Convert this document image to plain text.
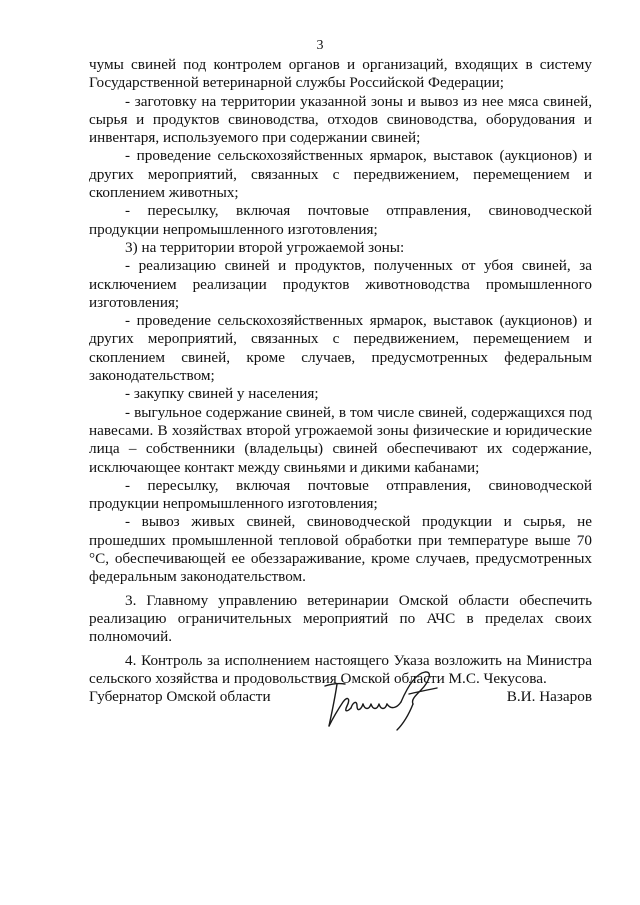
3

чумы свиней под контролем органов и организаций, входящих в систему Государственной ветеринарной службы Российской Федерации;

- заготовку на территории указанной зоны и вывоз из нее мяса свиней, сырья и продуктов свиноводства, отходов свиноводства, оборудования и инвентаря, используемого при содержании свиней;

- проведение сельскохозяйственных ярмарок, выставок (аукционов) и других мероприятий, связанных с передвижением, перемещением и скоплением животных;

- пересылку, включая почтовые отправления, свиноводческой продукции непромышленного изготовления;

3) на территории второй угрожаемой зоны:

- реализацию свиней и продуктов, полученных от убоя свиней, за исключением реализации продуктов животноводства промышленного изготовления;

- проведение сельскохозяйственных ярмарок, выставок (аукционов) и других мероприятий, связанных с передвижением, перемещением и скоплением свиней, кроме случаев, предусмотренных федеральным законодательством;

- закупку свиней у населения;

- выгульное содержание свиней, в том числе свиней, содержащихся под навесами. В хозяйствах второй угрожаемой зоны физические и юридические лица – собственники (владельцы) свиней обеспечивают их содержание, исключающее контакт между свиньями и дикими кабанами;

- пересылку, включая почтовые отправления, свиноводческой продукции непромышленного изготовления;

- вывоз живых свиней, свиноводческой продукции и сырья, не прошедших промышленной тепловой обработки при температуре выше 70 °С, обеспечивающей ее обеззараживание, кроме случаев, предусмотренных федеральным законодательством.

3. Главному управлению ветеринарии Омской области обеспечить реализацию ограничительных мероприятий по АЧС в пределах своих полномочий.

4. Контроль за исполнением настоящего Указа возложить на Министра сельского хозяйства и продовольствия Омской области М.С. Чекусова.

Губернатор Омской области	В.И. Назаров
